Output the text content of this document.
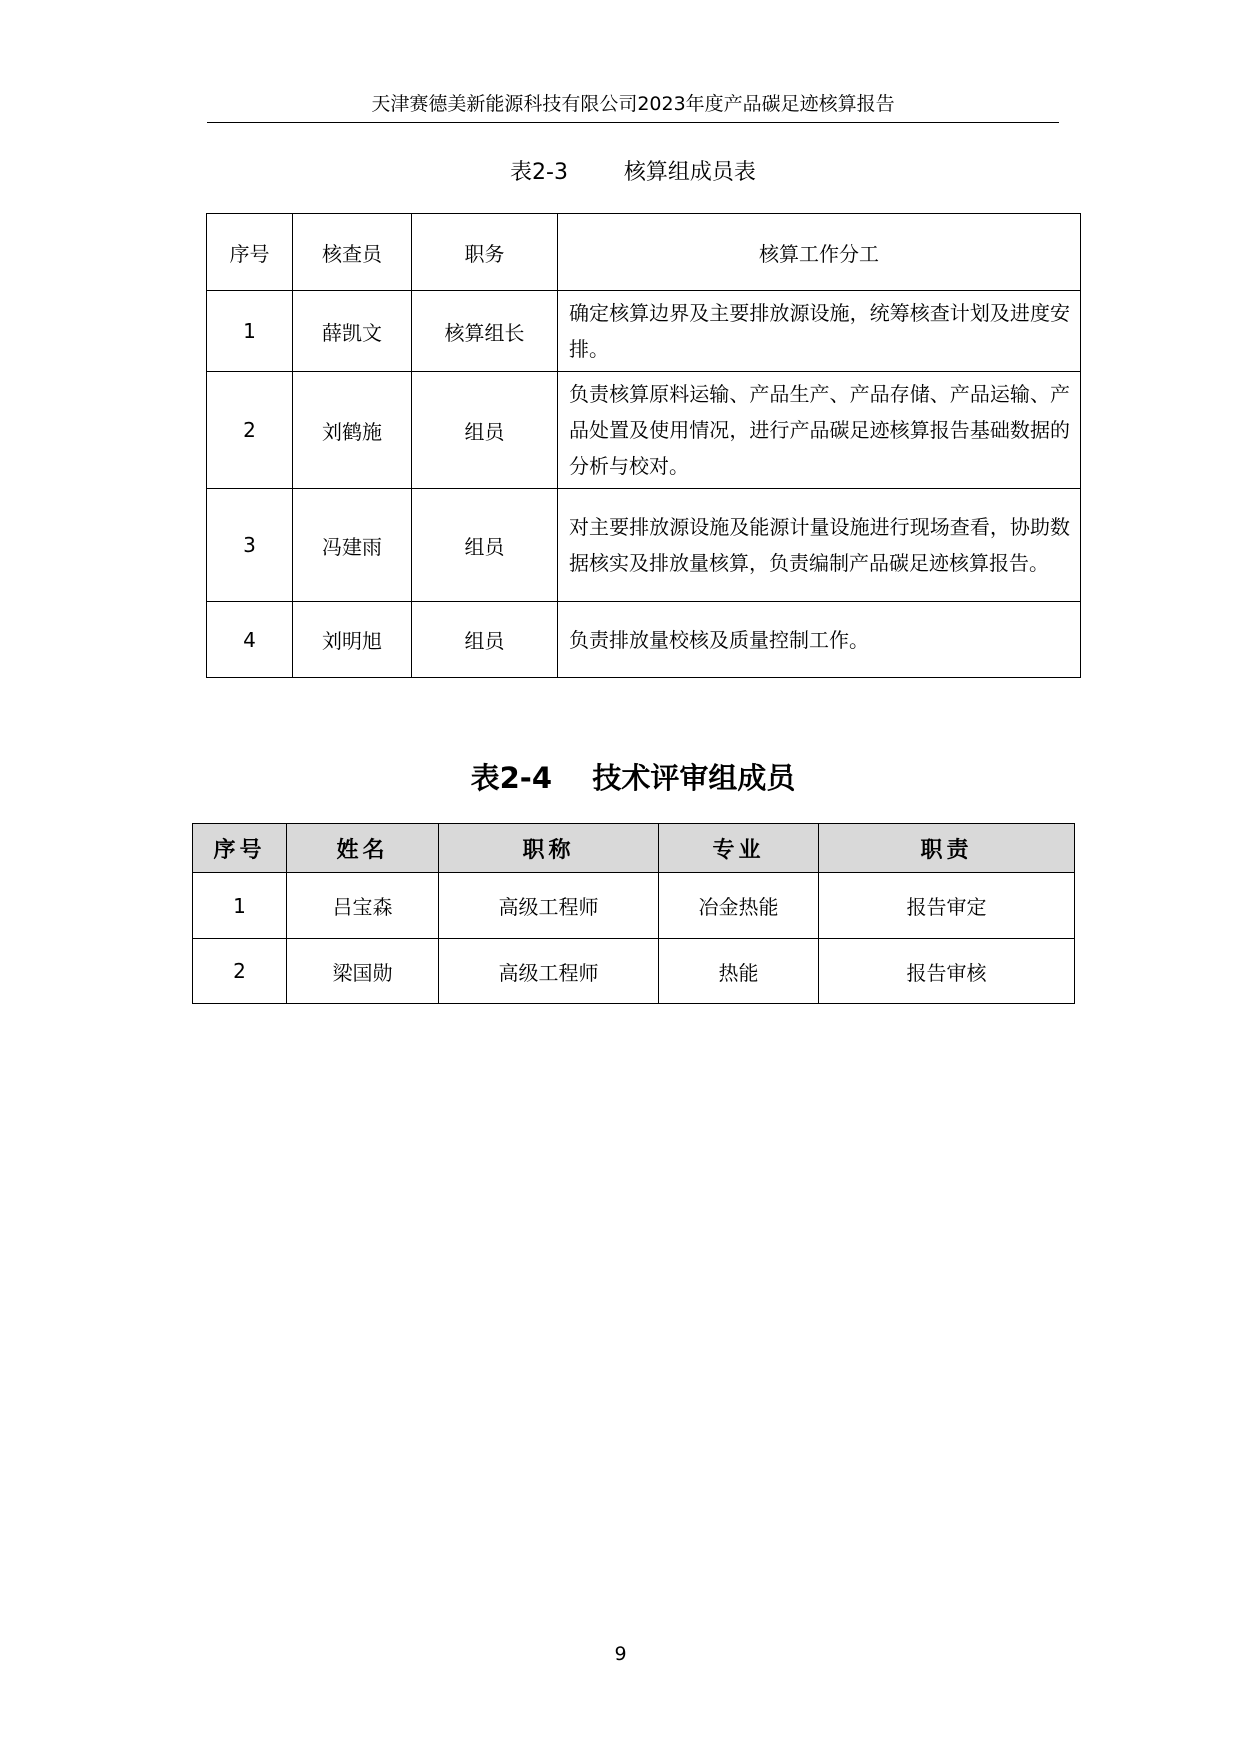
天津赛德美新能源科技有限公司2023年度产品碳足迹核算报告
表2-3        核算组成员表
序号	核查员	职务	核算工作分工
1	薛凯文	核算组长	确定核算边界及主要排放源设施，统筹核查计划及进度安排。
2	刘鹤施	组员	负责核算原料运输、产品生产、产品存储、产品运输、产品处置及使用情况，进行产品碳足迹核算报告基础数据的分析与校对。
3	冯建雨	组员	对主要排放源设施及能源计量设施进行现场查看，协助数据核实及排放量核算，负责编制产品碳足迹核算报告。
4	刘明旭	组员	负责排放量校核及质量控制工作。
表2-4    技术评审组成员
序号	姓名	职称	专业	职责
1	吕宝森	高级工程师	冶金热能	报告审定
2	梁国勋	高级工程师	热能	报告审核
9
